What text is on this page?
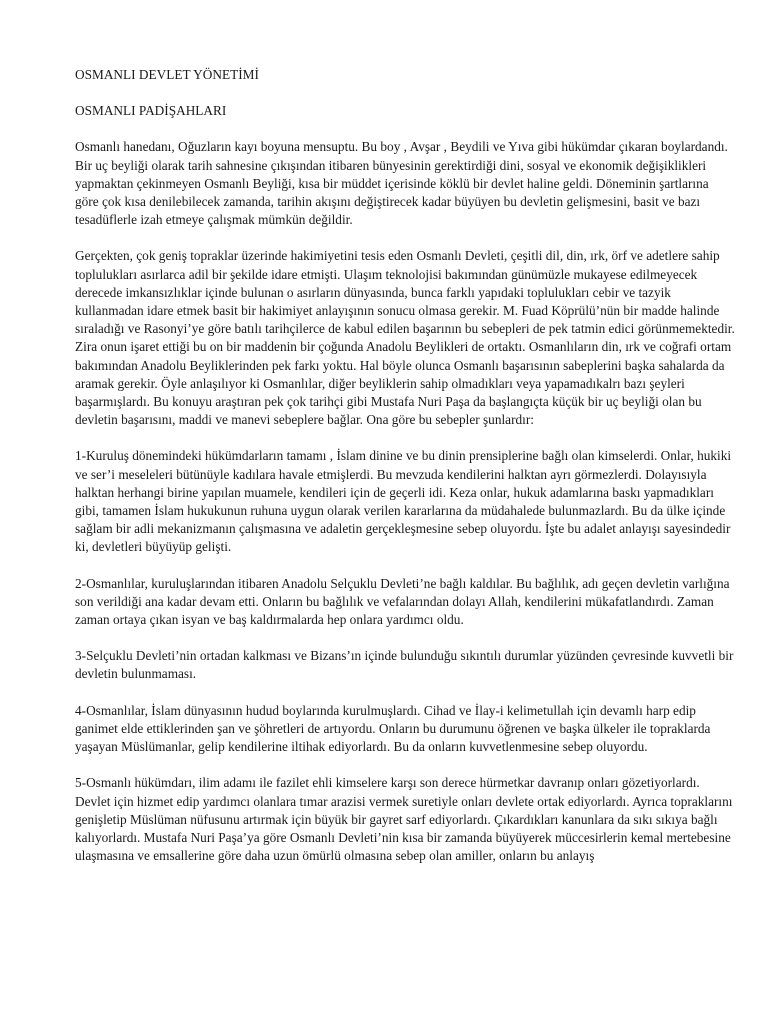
OSMANLI DEVLET YÖNETİMİ

OSMANLI PADİŞAHLARI

Osmanlı hanedanı, Oğuzların kayı boyuna mensuptu. Bu boy , Avşar , Beydili ve Yıva gibi hükümdar çıkaran boylardandı. Bir uç beyliği olarak tarih sahnesine çıkışından itibaren bünyesinin gerektirdiği dini, sosyal ve ekonomik değişiklikleri yapmaktan çekinmeyen Osmanlı Beyliği, kısa bir müddet içerisinde köklü bir devlet haline geldi. Döneminin şartlarına göre çok kısa denilebilecek zamanda, tarihin akışını değiştirecek kadar büyüyen bu devletin gelişmesini, basit ve bazı tesadüflerle izah etmeye çalışmak mümkün değildir.

Gerçekten, çok geniş topraklar üzerinde hakimiyetini tesis eden Osmanlı Devleti, çeşitli dil, din, ırk, örf ve adetlere sahip toplulukları asırlarca adil bir şekilde idare etmişti. Ulaşım teknolojisi bakımından günümüzle mukayese edilmeyecek derecede imkansızlıklar içinde bulunan o asırların dünyasında, bunca farklı yapıdaki toplulukları cebir ve tazyik kullanmadan idare etmek basit bir hakimiyet anlayışının sonucu olmasa gerekir. M. Fuad Köprülü’nün bir madde halinde sıraladığı ve Rasonyi’ye göre batılı tarihçilerce de kabul edilen başarının bu sebepleri de pek tatmin edici görünmemektedir. Zira onun işaret ettiği bu on bir maddenin bir çoğunda Anadolu Beylikleri de ortaktı. Osmanlıların din, ırk ve coğrafi ortam bakımından Anadolu Beyliklerinden pek farkı yoktu. Hal böyle olunca Osmanlı başarısının sabeplerini başka sahalarda da aramak gerekir. Öyle anlaşılıyor ki Osmanlılar, diğer beyliklerin sahip olmadıkları veya yapamadıkalrı bazı şeyleri başarmışlardı. Bu konuyu araştıran pek çok tarihçi gibi Mustafa Nuri Paşa da başlangıçta küçük bir uç beyliği olan bu devletin başarısını, maddi ve manevi sebeplere bağlar. Ona göre bu sebepler şunlardır:

1-Kuruluş dönemindeki hükümdarların tamamı , İslam dinine ve bu dinin prensiplerine bağlı olan kimselerdi. Onlar, hukiki ve ser’i meseleleri bütünüyle kadılara havale etmişlerdi. Bu mevzuda kendilerini halktan ayrı görmezlerdi. Dolayısıyla halktan herhangi birine yapılan muamele, kendileri için de geçerli idi. Keza onlar, hukuk adamlarına baskı yapmadıkları gibi, tamamen İslam hukukunun ruhuna uygun olarak verilen kararlarına da müdahalede bulunmazlardı. Bu da ülke içinde sağlam bir adli mekanizmanın çalışmasına ve adaletin gerçekleşmesine sebep oluyordu. İşte bu adalet anlayışı sayesindedir ki, devletleri büyüyüp gelişti.

2-Osmanlılar, kuruluşlarından itibaren Anadolu Selçuklu Devleti’ne bağlı kaldılar. Bu bağlılık, adı geçen devletin varlığına son verildiği ana kadar devam etti. Onların bu bağlılık ve vefalarından dolayı Allah, kendilerini mükafatlandırdı. Zaman zaman ortaya çıkan isyan ve baş kaldırmalarda hep onlara yardımcı oldu.

3-Selçuklu Devleti’nin ortadan kalkması ve Bizans’ın içinde bulunduğu sıkıntılı durumlar yüzünden çevresinde kuvvetli bir devletin bulunmaması.

4-Osmanlılar, İslam dünyasının hudud boylarında kurulmuşlardı. Cihad ve İlay-i kelimetullah için devamlı harp edip ganimet elde ettiklerinden şan ve şöhretleri de artıyordu. Onların bu durumunu öğrenen ve başka ülkeler ile topraklarda yaşayan Müslümanlar, gelip kendilerine iltihak ediyorlardı. Bu da onların kuvvetlenmesine sebep oluyordu.

5-Osmanlı hükümdarı, ilim adamı ile fazilet ehli kimselere karşı son derece hürmetkar davranıp onları gözetiyorlardı. Devlet için hizmet edip yardımcı olanlara tımar arazisi vermek suretiyle onları devlete ortak ediyorlardı. Ayrıca topraklarını genişletip Müslüman nüfusunu artırmak için büyük bir gayret sarf ediyorlardı. Çıkardıkları kanunlara da sıkı sıkıya bağlı kalıyorlardı. Mustafa Nuri Paşa’ya göre Osmanlı Devleti’nin kısa bir zamanda büyüyerek müccesirlerin kemal mertebesine ulaşmasına ve emsallerine göre daha uzun ömürlü olmasına sebep olan amiller, onların bu anlayış
